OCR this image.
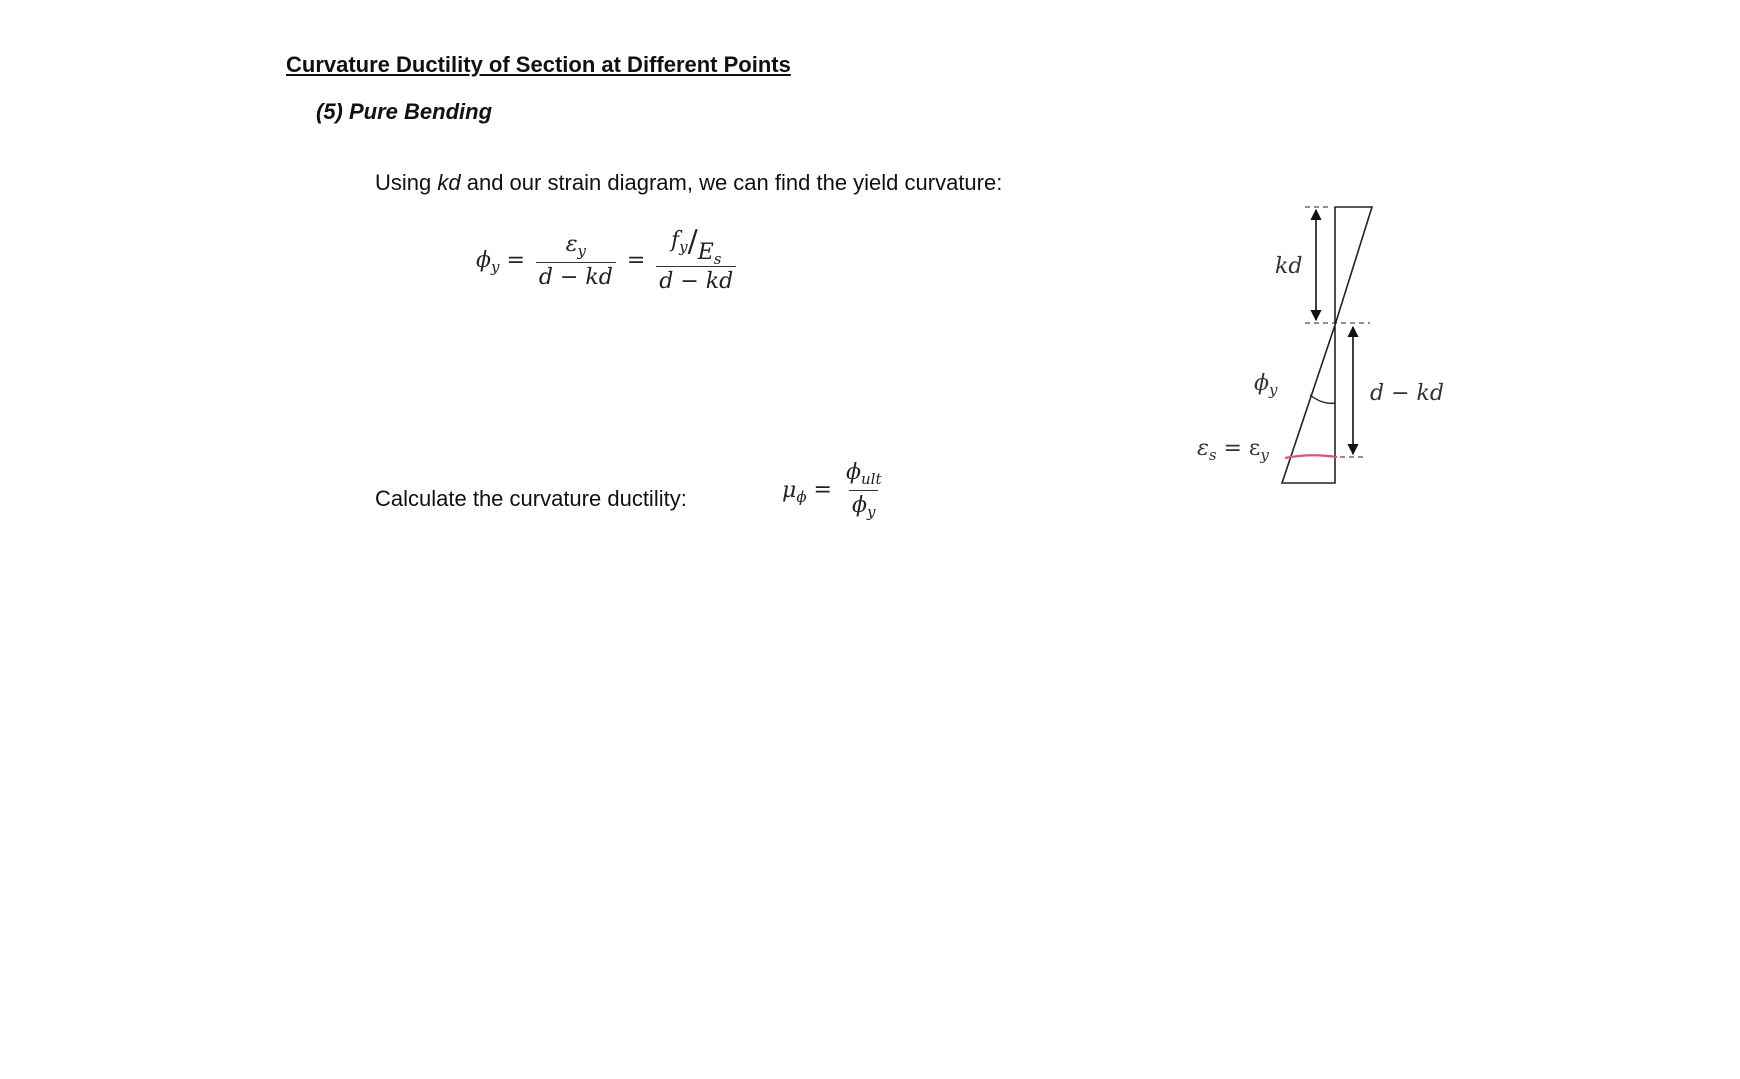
Curvature Ductility of Section at Different Points
(5) Pure Bending
Using kd and our strain diagram, we can find the yield curvature:
$\phi_y = \frac{\varepsilon_y}{d - kd} = \frac{f_y/E_s}{d - kd}$
Calculate the curvature ductility:	$\mu_\phi = \frac{\phi_{ult}}{\phi_y}$
kd
d − kd
$\phi_y$
$\varepsilon_s = \varepsilon_y$
